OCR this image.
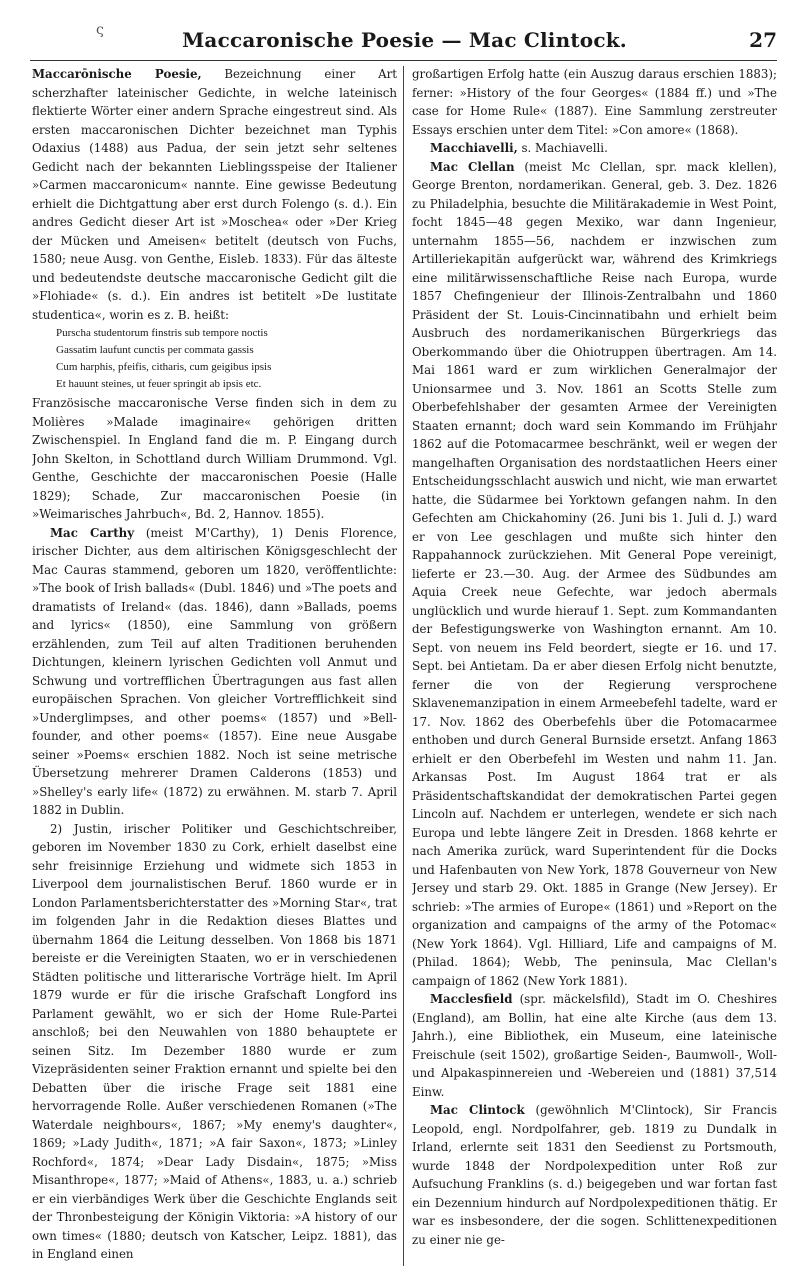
ς	Maccaronische Poesie — Mac Clintock.	27

Maccarōnische Poesie, Bezeichnung einer Art scherzhafter lateinischer Gedichte, in welche lateinisch flektierte Wörter einer andern Sprache eingestreut sind. Als ersten maccaronischen Dichter bezeichnet man Typhis Odaxius (1488) aus Padua, der sein jetzt sehr seltenes Gedicht nach der bekannten Lieblingsspeise der Italiener »Carmen maccaronicum« nannte. Eine gewisse Bedeutung erhielt die Dichtgattung aber erst durch Folengo (s. d.). Ein andres Gedicht dieser Art ist »Moschea« oder »Der Krieg der Mücken und Ameisen« betitelt (deutsch von Fuchs, 1580; neue Ausg. von Genthe, Eisleb. 1833). Für das älteste und bedeutendste deutsche maccaronische Gedicht gilt die »Flohiade« (s. d.). Ein andres ist betitelt »De lustitate studentica«, worin es z. B. heißt:

Purscha studentorum finstris sub tempore noctis
Gassatim laufunt cunctis per commata gassis
Cum harphis, pfeifis, citharis, cum geigibus ipsis
Et hauunt steines, ut feuer springit ab ipsis etc.

Französische maccaronische Verse finden sich in dem zu Molières »Malade imaginaire« gehörigen dritten Zwischenspiel. In England fand die m. P. Eingang durch John Skelton, in Schottland durch William Drummond. Vgl. Genthe, Geschichte der maccaronischen Poesie (Halle 1829); Schade, Zur maccaronischen Poesie (in »Weimarisches Jahrbuch«, Bd. 2, Hannov. 1855).

Mac Carthy (meist M'Carthy), 1) Denis Florence, irischer Dichter, aus dem altirischen Königsgeschlecht der Mac Cauras stammend, geboren um 1820, veröffentlichte: »The book of Irish ballads« (Dubl. 1846) und »The poets and dramatists of Ireland« (das. 1846), dann »Ballads, poems and lyrics« (1850), eine Sammlung von größern erzählenden, zum Teil auf alten Traditionen beruhenden Dichtungen, kleinern lyrischen Gedichten voll Anmut und Schwung und vortrefflichen Übertragungen aus fast allen europäischen Sprachen. Von gleicher Vortrefflichkeit sind »Underglimpses, and other poems« (1857) und »Bell-founder, and other poems« (1857). Eine neue Ausgabe seiner »Poems« erschien 1882. Noch ist seine metrische Übersetzung mehrerer Dramen Calderons (1853) und »Shelley's early life« (1872) zu erwähnen. M. starb 7. April 1882 in Dublin.

2) Justin, irischer Politiker und Geschichtschreiber, geboren im November 1830 zu Cork, erhielt daselbst eine sehr freisinnige Erziehung und widmete sich 1853 in Liverpool dem journalistischen Beruf. 1860 wurde er in London Parlamentsberichterstatter des »Morning Star«, trat im folgenden Jahr in die Redaktion dieses Blattes und übernahm 1864 die Leitung desselben. Von 1868 bis 1871 bereiste er die Vereinigten Staaten, wo er in verschiedenen Städten politische und litterarische Vorträge hielt. Im April 1879 wurde er für die irische Grafschaft Longford ins Parlament gewählt, wo er sich der Home Rule-Partei anschloß; bei den Neuwahlen von 1880 behauptete er seinen Sitz. Im Dezember 1880 wurde er zum Vizepräsidenten seiner Fraktion ernannt und spielte bei den Debatten über die irische Frage seit 1881 eine hervorragende Rolle. Außer verschiedenen Romanen (»The Waterdale neighbours«, 1867; »My enemy's daughter«, 1869; »Lady Judith«, 1871; »A fair Saxon«, 1873; »Linley Rochford«, 1874; »Dear Lady Disdain«, 1875; »Miss Misanthrope«, 1877; »Maid of Athens«, 1883, u. a.) schrieb er ein vierbändiges Werk über die Geschichte Englands seit der Thronbesteigung der Königin Viktoria: »A history of our own times« (1880; deutsch von Katscher, Leipz. 1881), das in England einen

großartigen Erfolg hatte (ein Auszug daraus erschien 1883); ferner: »History of the four Georges« (1884 ff.) und »The case for Home Rule« (1887). Eine Sammlung zerstreuter Essays erschien unter dem Titel: »Con amore« (1868).

Macchiavelli, s. Machiavelli.

Mac Clellan (meist Mc Clellan, spr. mack klellen), George Brenton, nordamerikan. General, geb. 3. Dez. 1826 zu Philadelphia, besuchte die Militärakademie in West Point, focht 1845—48 gegen Mexiko, war dann Ingenieur, unternahm 1855—56, nachdem er inzwischen zum Artilleriekapitän aufgerückt war, während des Krimkriegs eine militärwissenschaftliche Reise nach Europa, wurde 1857 Chefingenieur der Illinois-Zentralbahn und 1860 Präsident der St. Louis-Cincinnatibahn und erhielt beim Ausbruch des nordamerikanischen Bürgerkriegs das Oberkommando über die Ohiotruppen übertragen. Am 14. Mai 1861 ward er zum wirklichen Generalmajor der Unionsarmee und 3. Nov. 1861 an Scotts Stelle zum Oberbefehlshaber der gesamten Armee der Vereinigten Staaten ernannt; doch ward sein Kommando im Frühjahr 1862 auf die Potomacarmee beschränkt, weil er wegen der mangelhaften Organisation des nordstaatlichen Heers einer Entscheidungsschlacht auswich und nicht, wie man erwartet hatte, die Südarmee bei Yorktown gefangen nahm. In den Gefechten am Chickahominy (26. Juni bis 1. Juli d. J.) ward er von Lee geschlagen und mußte sich hinter den Rappahannock zurückziehen. Mit General Pope vereinigt, lieferte er 23.—30. Aug. der Armee des Südbundes am Aquia Creek neue Gefechte, war jedoch abermals unglücklich und wurde hierauf 1. Sept. zum Kommandanten der Befestigungswerke von Washington ernannt. Am 10. Sept. von neuem ins Feld beordert, siegte er 16. und 17. Sept. bei Antietam. Da er aber diesen Erfolg nicht benutzte, ferner die von der Regierung versprochene Sklavenemanzipation in einem Armeebefehl tadelte, ward er 17. Nov. 1862 des Oberbefehls über die Potomacarmee enthoben und durch General Burnside ersetzt. Anfang 1863 erhielt er den Oberbefehl im Westen und nahm 11. Jan. Arkansas Post. Im August 1864 trat er als Präsidentschaftskandidat der demokratischen Partei gegen Lincoln auf. Nachdem er unterlegen, wendete er sich nach Europa und lebte längere Zeit in Dresden. 1868 kehrte er nach Amerika zurück, ward Superintendent für die Docks und Hafenbauten von New York, 1878 Gouverneur von New Jersey und starb 29. Okt. 1885 in Grange (New Jersey). Er schrieb: »The armies of Europe« (1861) und »Report on the organization and campaigns of the army of the Potomac« (New York 1864). Vgl. Hilliard, Life and campaigns of M. (Philad. 1864); Webb, The peninsula, Mac Clellan's campaign of 1862 (New York 1881).

Macclesfield (spr. mäckelsfild), Stadt im O. Cheshires (England), am Bollin, hat eine alte Kirche (aus dem 13. Jahrh.), eine Bibliothek, ein Museum, eine lateinische Freischule (seit 1502), großartige Seiden-, Baumwoll-, Woll- und Alpakaspinnereien und -Webereien und (1881) 37,514 Einw.

Mac Clintock (gewöhnlich M'Clintock), Sir Francis Leopold, engl. Nordpolfahrer, geb. 1819 zu Dundalk in Irland, erlernte seit 1831 den Seedienst zu Portsmouth, wurde 1848 der Nordpolexpedition unter Roß zur Aufsuchung Franklins (s. d.) beigegeben und war fortan fast ein Dezennium hindurch auf Nordpolexpeditionen thätig. Er war es insbesondere, der die sogen. Schlittenexpeditionen zu einer nie ge-
